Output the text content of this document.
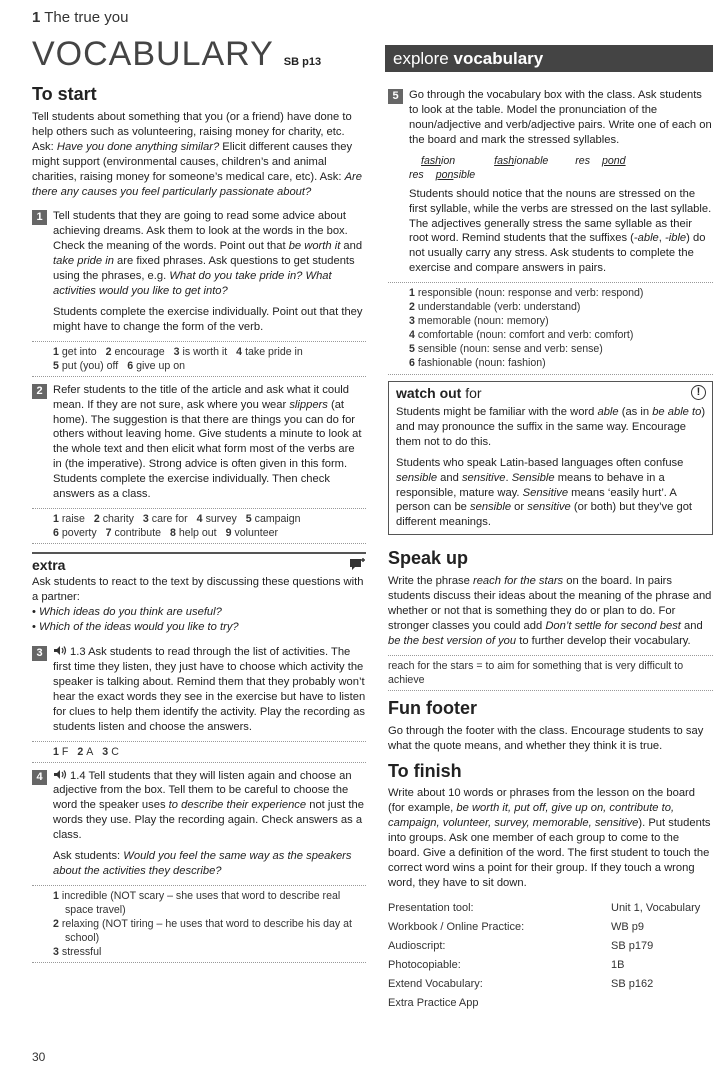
1 The true you
VOCABULARY SB p13
To start

Tell students about something that you (or a friend) have done to help others such as volunteering, raising money for charity, etc. Ask: Have you done anything similar? Elicit different causes they might support (environmental causes, children’s and animal charities, raising money for someone’s medical care, etc). Ask: Are there any causes you feel particularly passionate about?

1 Tell students that they are going to read some advice about achieving dreams. Ask them to look at the words in the box. Check the meaning of the words. Point out that be worth it and take pride in are fixed phrases. Ask questions to get students using the phrases, e.g. What do you take pride in? What activities would you like to get into?

Students complete the exercise individually. Point out that they might have to change the form of the verb.

1 get into 2 encourage 3 is worth it 4 take pride in
5 put (you) off 6 give up on
2 Refer students to the title of the article and ask what it could mean. If they are not sure, ask where you wear slippers (at home). The suggestion is that there are things you can do for others without leaving home. Give students a minute to look at the whole text and then elicit what form most of the verbs are in (the imperative). Strong advice is often given in this form. Students complete the exercise individually. Then check answers as a class.

1 raise 2 charity 3 care for 4 survey 5 campaign
6 poverty 7 contribute 8 help out 9 volunteer
extra

Ask students to react to the text by discussing these questions with a partner:

• Which ideas do you think are useful?
• Which of the ideas would you like to try?
3	1.3 Ask students to read through the list of activities. The first time they listen, they just have to choose which activity the speaker is talking about. Remind them that they probably won’t hear the exact words they see in the exercise but have to listen for clues to help them identify the activity. Play the recording as students listen and choose the answers.

1 F 2 A 3 C
4	1.4 Tell students that they will listen again and choose an adjective from the box. Tell them to be careful to choose the word the speaker uses to describe their experience not just the words they use. Play the recording again. Check answers as a class.

Ask students: Would you feel the same way as the speakers about the activities they describe?

1 incredible (NOT scary – she uses that word to describe real space travel)
2 relaxing (NOT tiring – he uses that word to describe his day at school)
3 stressful
explore vocabulary
5 Go through the vocabulary box with the class. Ask students to look at the table. Model the pronunciation of the noun/adjective and verb/adjective pairs. Write one of each on the board and mark the stressed syllables.

fashion	fashionable	res pond res ponsible

Students should notice that the nouns are stressed on the first syllable, while the verbs are stressed on the last syllable. The adjectives generally stress the same syllable as their root word. Remind students that the suffixes (-able, -ible) do not usually carry any stress. Ask students to complete the exercise and compare answers in pairs.

1 responsible (noun: response and verb: respond)
2 understandable (verb: understand)
3 memorable (noun: memory)
4 comfortable (noun: comfort and verb: comfort)
5 sensible (noun: sense and verb: sense)
6 fashionable (noun: fashion)
watch out for	!

Students might be familiar with the word able (as in be able to) and may pronounce the suffix in the same way. Encourage them not to do this.

Students who speak Latin-based languages often confuse sensible and sensitive. Sensible means to behave in a responsible, mature way. Sensitive means ‘easily hurt’. A person can be sensible or sensitive (or both) but they’ve got different meanings.

Speak up

Write the phrase reach for the stars on the board. In pairs students discuss their ideas about the meaning of the phrase and whether or not that is something they do or plan to do. For stronger classes you could add Don’t settle for second best and be the best version of you to further develop their vocabulary.

reach for the stars = to aim for something that is very difficult to achieve
Fun footer

Go through the footer with the class. Encourage students to say what the quote means, and whether they think it is true.

To finish

Write about 10 words or phrases from the lesson on the board (for example, be worth it, put off, give up on, contribute to, campaign, volunteer, survey, memorable, sensitive). Put students into groups. Ask one member of each group to come to the board. Give a definition of the word. The first student to touch the correct word wins a point for their group. If they touch a wrong word, they have to sit down.

Presentation tool:	Unit 1, Vocabulary
Workbook / Online Practice:	WB p9
Audioscript:	SB p179
Photocopiable:	1B
Extend Vocabulary:	SB p162
Extra Practice App
30
